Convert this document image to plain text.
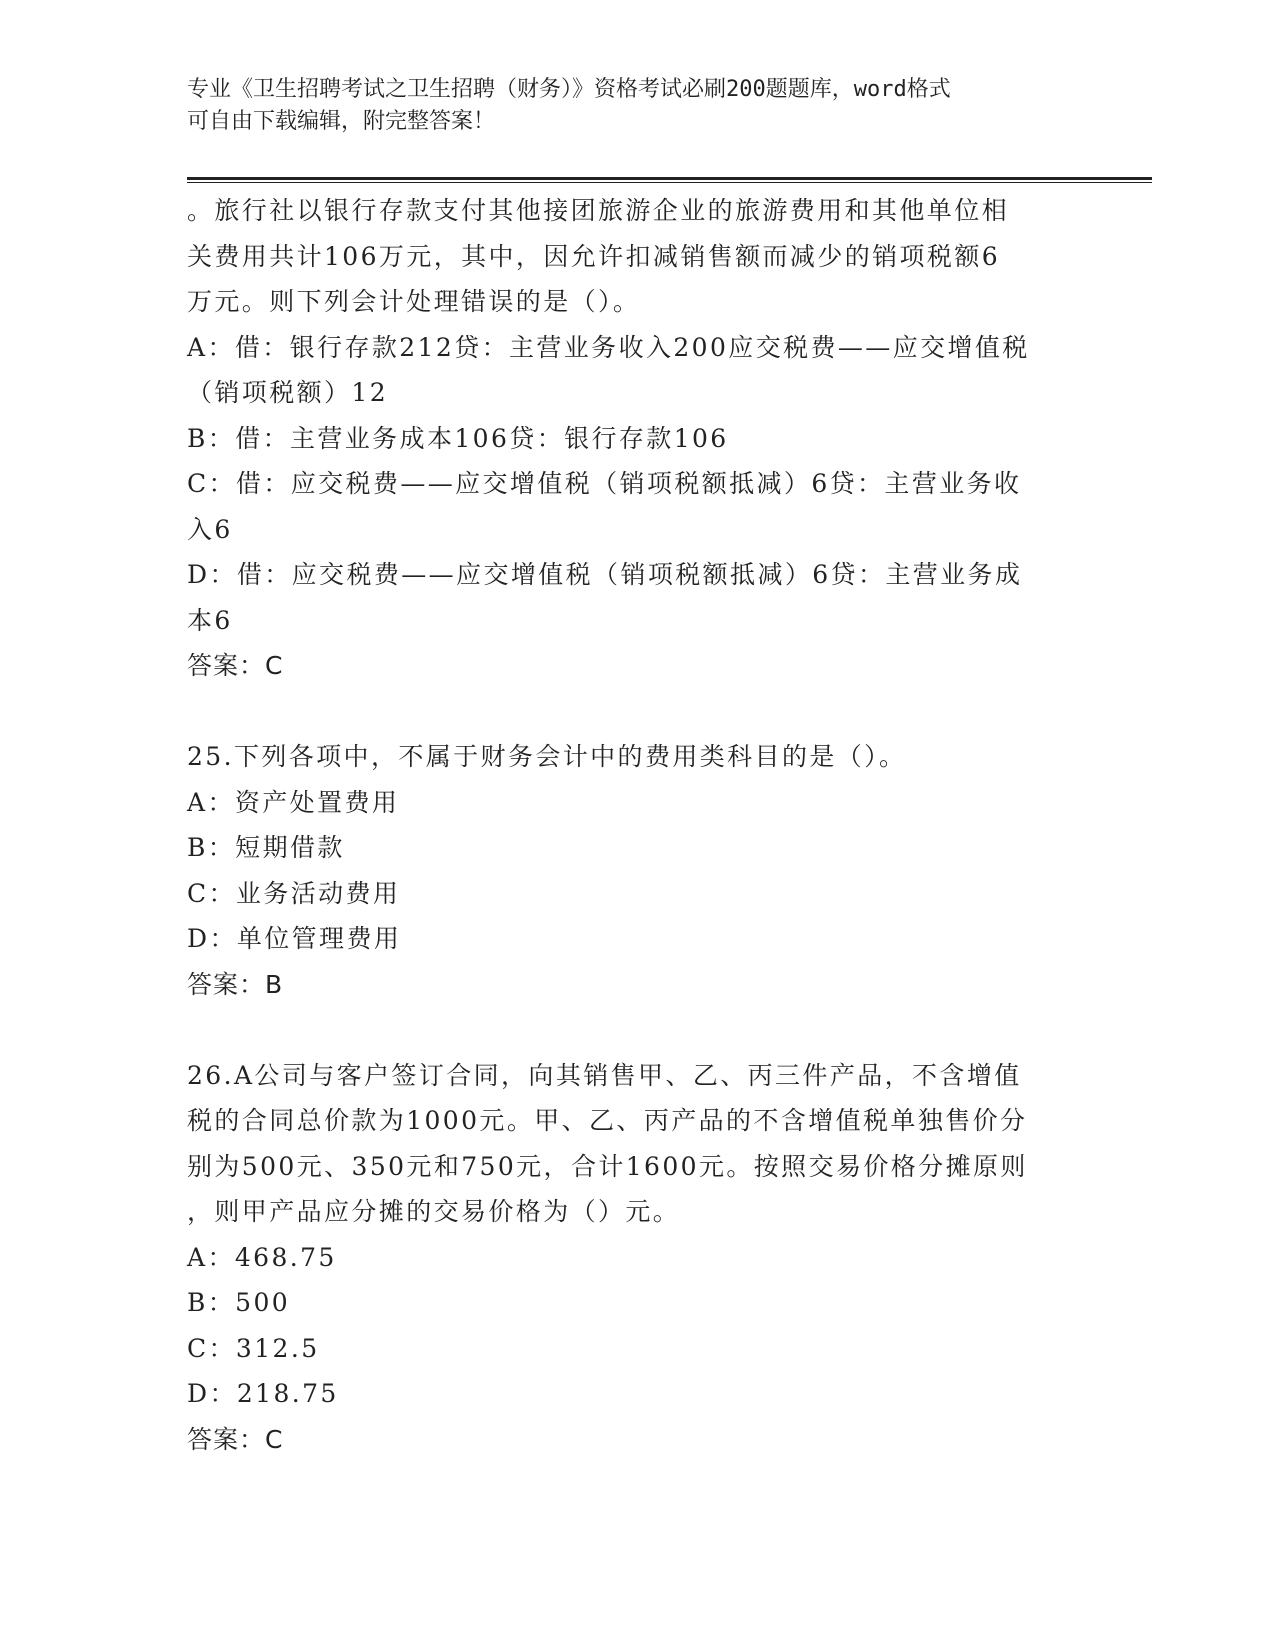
专业《卫生招聘考试之卫生招聘（财务）》资格考试必刷200题题库，word格式
可自由下载编辑，附完整答案！
。旅行社以银行存款支付其他接团旅游企业的旅游费用和其他单位相
关费用共计106万元，其中，因允许扣减销售额而减少的销项税额6
万元。则下列会计处理错误的是（）。
A：借：银行存款212贷：主营业务收入200应交税费——应交增值税
（销项税额）12
B：借：主营业务成本106贷：银行存款106
C：借：应交税费——应交增值税（销项税额抵减）6贷：主营业务收
入6
D：借：应交税费——应交增值税（销项税额抵减）6贷：主营业务成
本6
答案：C
25.下列各项中，不属于财务会计中的费用类科目的是（）。
A：资产处置费用
B：短期借款
C：业务活动费用
D：单位管理费用
答案：B
26.A公司与客户签订合同，向其销售甲、乙、丙三件产品，不含增值
税的合同总价款为1000元。甲、乙、丙产品的不含增值税单独售价分
别为500元、350元和750元，合计1600元。按照交易价格分摊原则
，则甲产品应分摊的交易价格为（）元。
A：468.75
B：500
C：312.5
D：218.75
答案：C
